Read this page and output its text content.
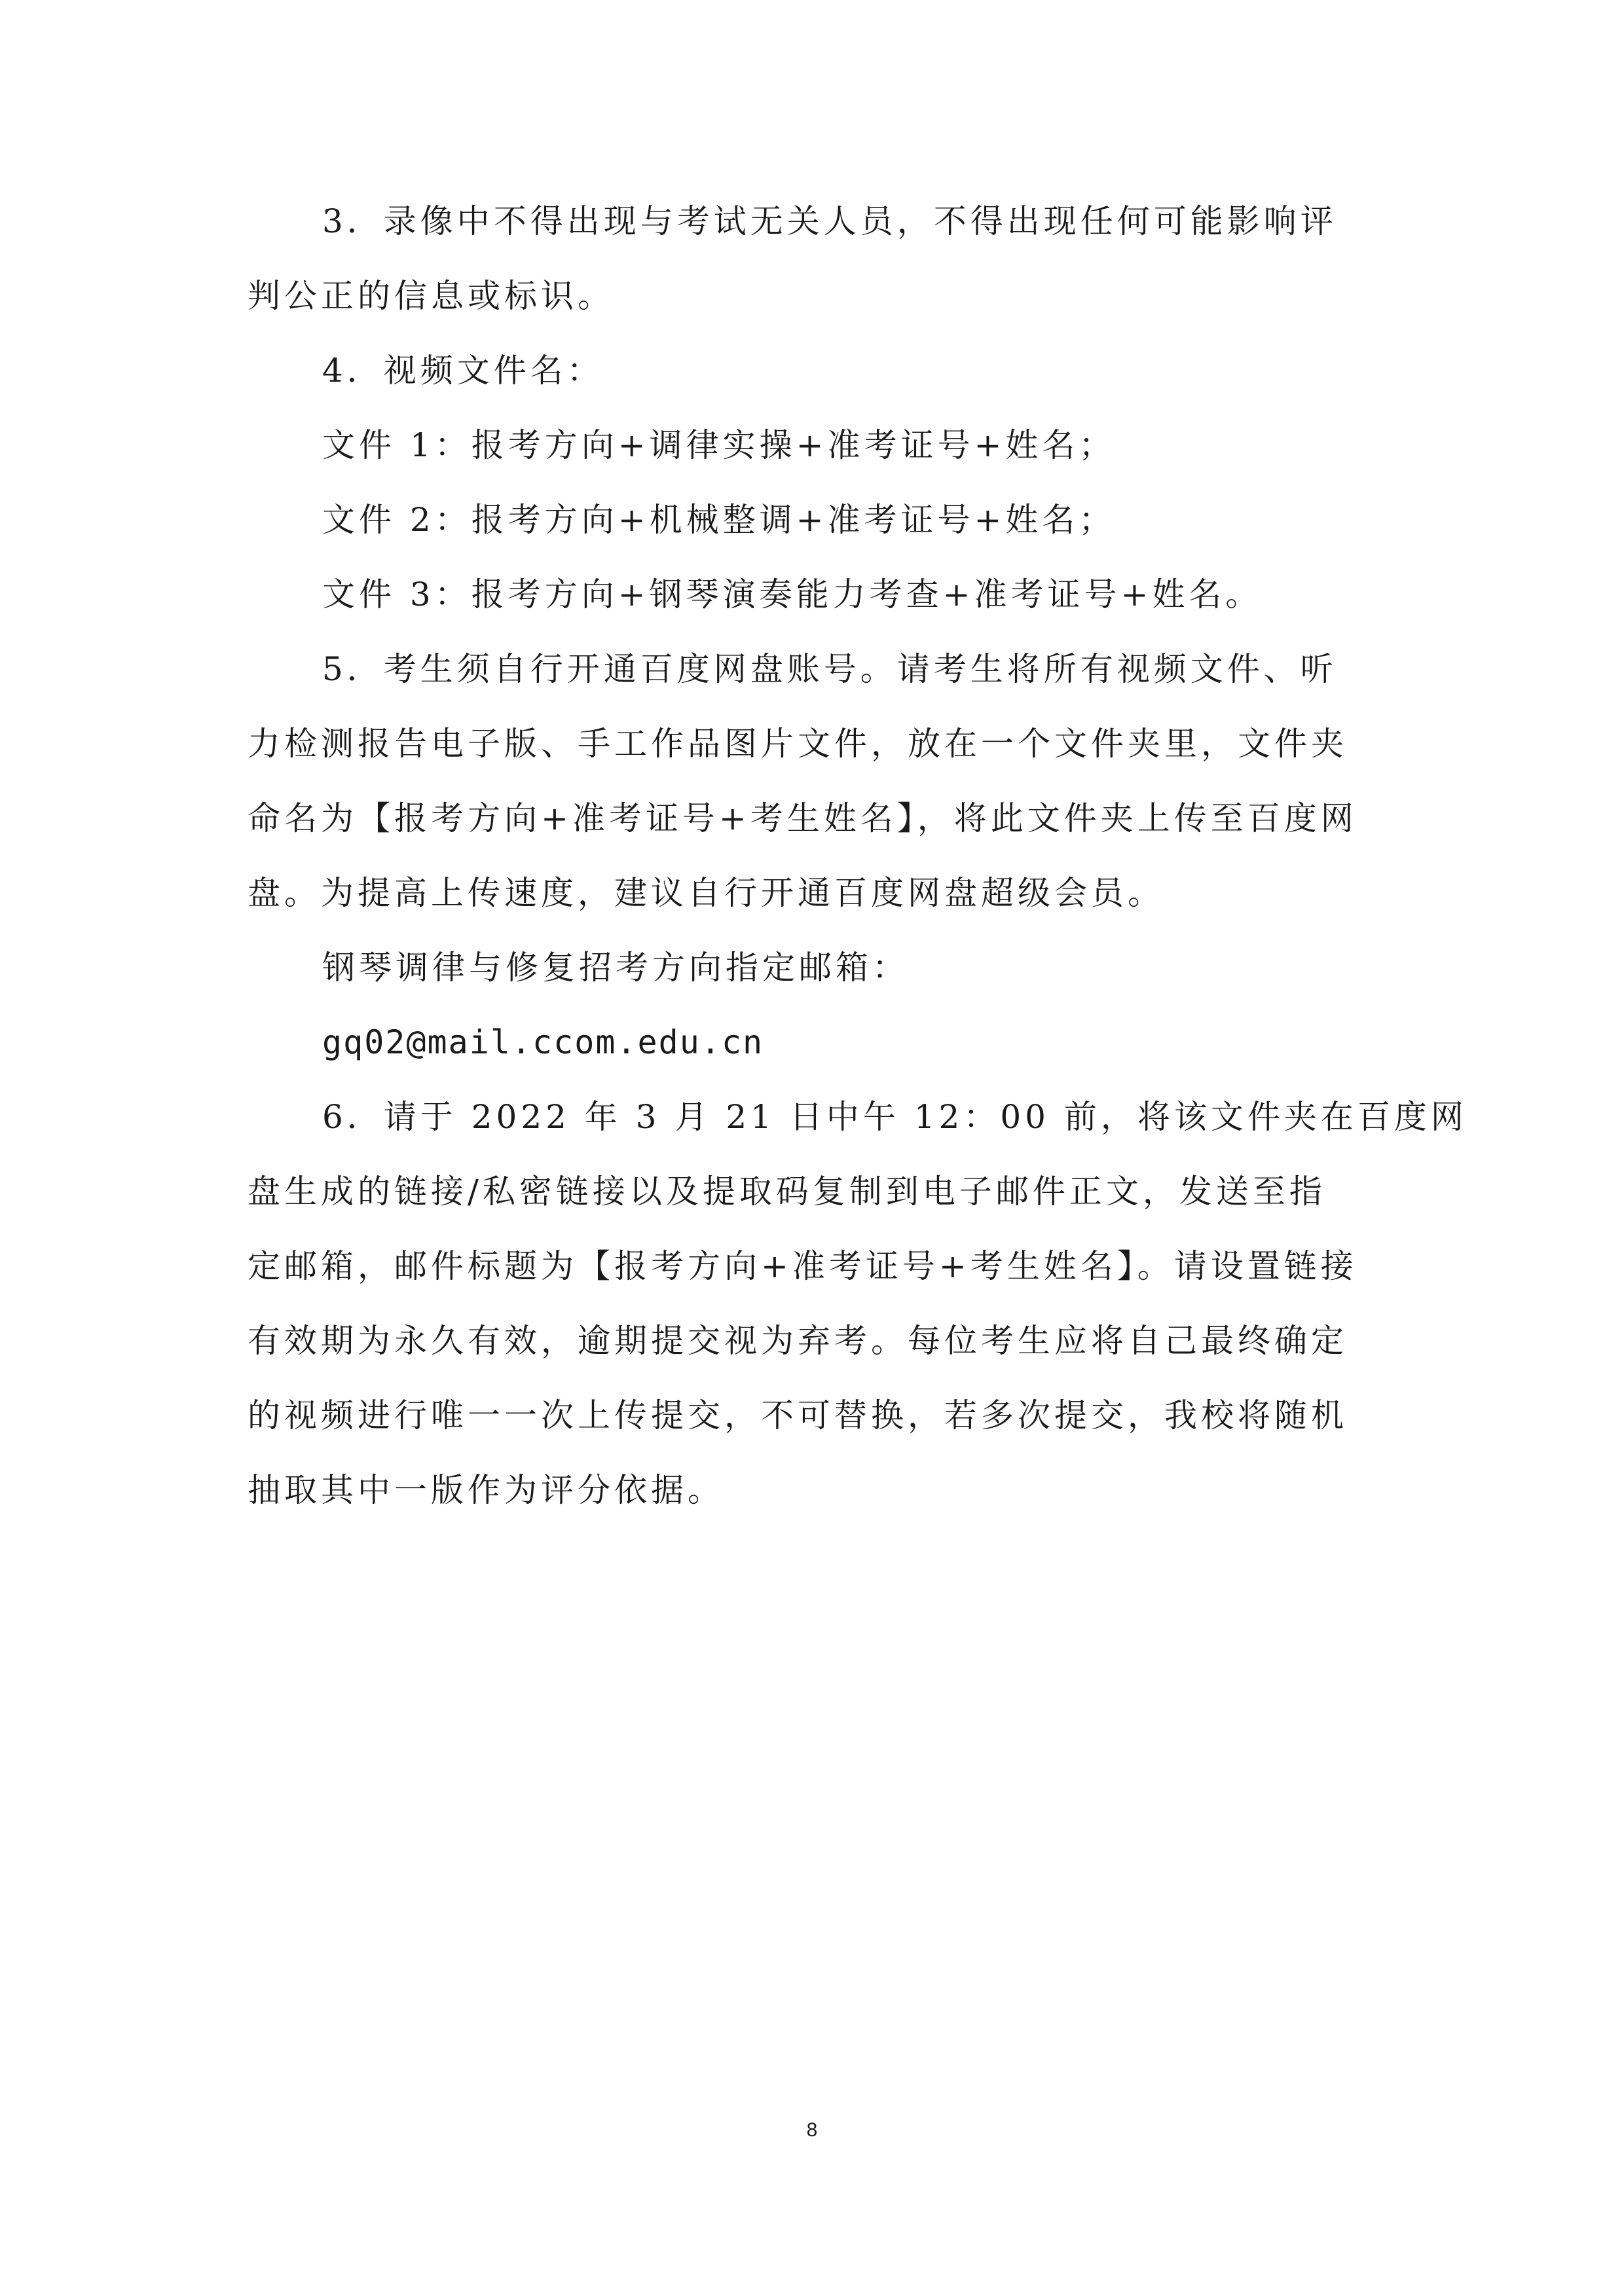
3．录像中不得出现与考试无关人员，不得出现任何可能影响评
判公正的信息或标识。
4．视频文件名：
文件 1：报考方向+调律实操+准考证号+姓名；
文件 2：报考方向+机械整调+准考证号+姓名；
文件 3：报考方向+钢琴演奏能力考查+准考证号+姓名。
5．考生须自行开通百度网盘账号。请考生将所有视频文件、听
力检测报告电子版、手工作品图片文件，放在一个文件夹里，文件夹
命名为【报考方向+准考证号+考生姓名】，将此文件夹上传至百度网
盘。为提高上传速度，建议自行开通百度网盘超级会员。
钢琴调律与修复招考方向指定邮箱：
gq02@mail.ccom.edu.cn
6．请于 2022 年 3 月 21 日中午 12：00 前，将该文件夹在百度网
盘生成的链接/私密链接以及提取码复制到电子邮件正文，发送至指
定邮箱，邮件标题为【报考方向+准考证号+考生姓名】。请设置链接
有效期为永久有效，逾期提交视为弃考。每位考生应将自己最终确定
的视频进行唯一一次上传提交，不可替换，若多次提交，我校将随机
抽取其中一版作为评分依据。
8
